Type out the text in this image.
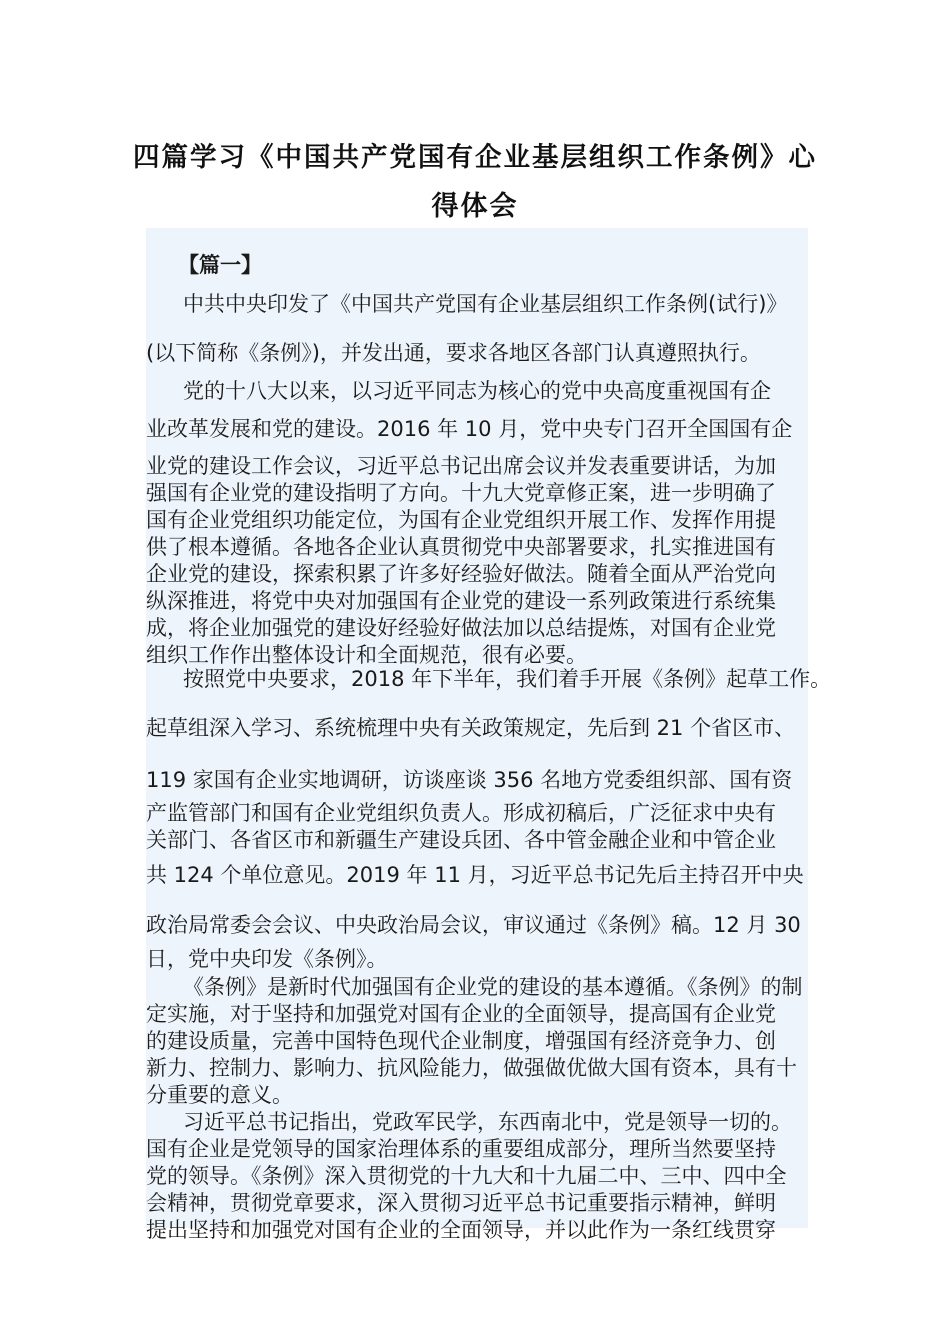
四篇学习《中国共产党国有企业基层组织工作条例》心
得体会
【篇一】
中共中央印发了《中国共产党国有企业基层组织工作条例(试行)》
(以下简称《条例》)，并发出通，要求各地区各部门认真遵照执行。
党的十八大以来，以习近平同志为核心的党中央高度重视国有企
业改革发展和党的建设。2016 年 10 月，党中央专门召开全国国有企
业党的建设工作会议，习近平总书记出席会议并发表重要讲话，为加
强国有企业党的建设指明了方向。十九大党章修正案，进一步明确了
国有企业党组织功能定位，为国有企业党组织开展工作、发挥作用提
供了根本遵循。各地各企业认真贯彻党中央部署要求，扎实推进国有
企业党的建设，探索积累了许多好经验好做法。随着全面从严治党向
纵深推进，将党中央对加强国有企业党的建设一系列政策进行系统集
成，将企业加强党的建设好经验好做法加以总结提炼，对国有企业党
组织工作作出整体设计和全面规范，很有必要。
按照党中央要求，2018 年下半年，我们着手开展《条例》起草工作。
起草组深入学习、系统梳理中央有关政策规定，先后到 21 个省区市、
119 家国有企业实地调研，访谈座谈 356 名地方党委组织部、国有资
产监管部门和国有企业党组织负责人。形成初稿后，广泛征求中央有
关部门、各省区市和新疆生产建设兵团、各中管金融企业和中管企业
共 124 个单位意见。2019 年 11 月，习近平总书记先后主持召开中央
政治局常委会会议、中央政治局会议，审议通过《条例》稿。12 月 30
日，党中央印发《条例》。
《条例》是新时代加强国有企业党的建设的基本遵循。《条例》的制
定实施，对于坚持和加强党对国有企业的全面领导，提高国有企业党
的建设质量，完善中国特色现代企业制度，增强国有经济竞争力、创
新力、控制力、影响力、抗风险能力，做强做优做大国有资本，具有十
分重要的意义。
习近平总书记指出，党政军民学，东西南北中，党是领导一切的。
国有企业是党领导的国家治理体系的重要组成部分，理所当然要坚持
党的领导。《条例》深入贯彻党的十九大和十九届二中、三中、四中全
会精神，贯彻党章要求，深入贯彻习近平总书记重要指示精神，鲜明
提出坚持和加强党对国有企业的全面领导，并以此作为一条红线贯穿
